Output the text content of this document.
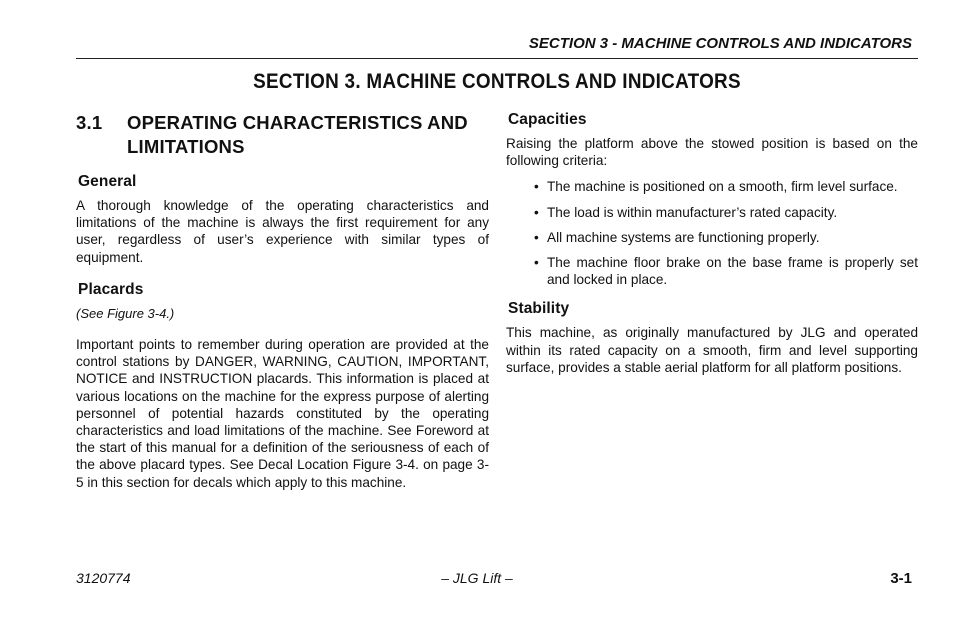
SECTION 3 - MACHINE CONTROLS AND INDICATORS
SECTION 3. MACHINE CONTROLS AND INDICATORS
3.1	OPERATING CHARACTERISTICS AND LIMITATIONS
General

A thorough knowledge of the operating characteristics and limitations of the machine is always the first requirement for any user, regardless of user’s experience with similar types of equipment.

Placards

(See Figure 3-4.)

Important points to remember during operation are provided at the control stations by DANGER, WARNING, CAUTION, IMPORTANT, NOTICE and INSTRUCTION placards. This information is placed at various locations on the machine for the express purpose of alerting personnel of potential hazards constituted by the operating characteristics and load limitations of the machine. See Foreword at the start of this manual for a definition of the seriousness of each of the above placard types. See Decal Location Figure 3-4. on page 3-5 in this section for decals which apply to this machine.

Capacities

Raising the platform above the stowed position is based on the following criteria:

• The machine is positioned on a smooth, firm level surface.
• The load is within manufacturer’s rated capacity.
• All machine systems are functioning properly.
• The machine floor brake on the base frame is properly set and locked in place.
Stability

This machine, as originally manufactured by JLG and operated within its rated capacity on a smooth, firm and level supporting surface, provides a stable aerial platform for all platform positions.

3120774	– JLG Lift –	3-1
